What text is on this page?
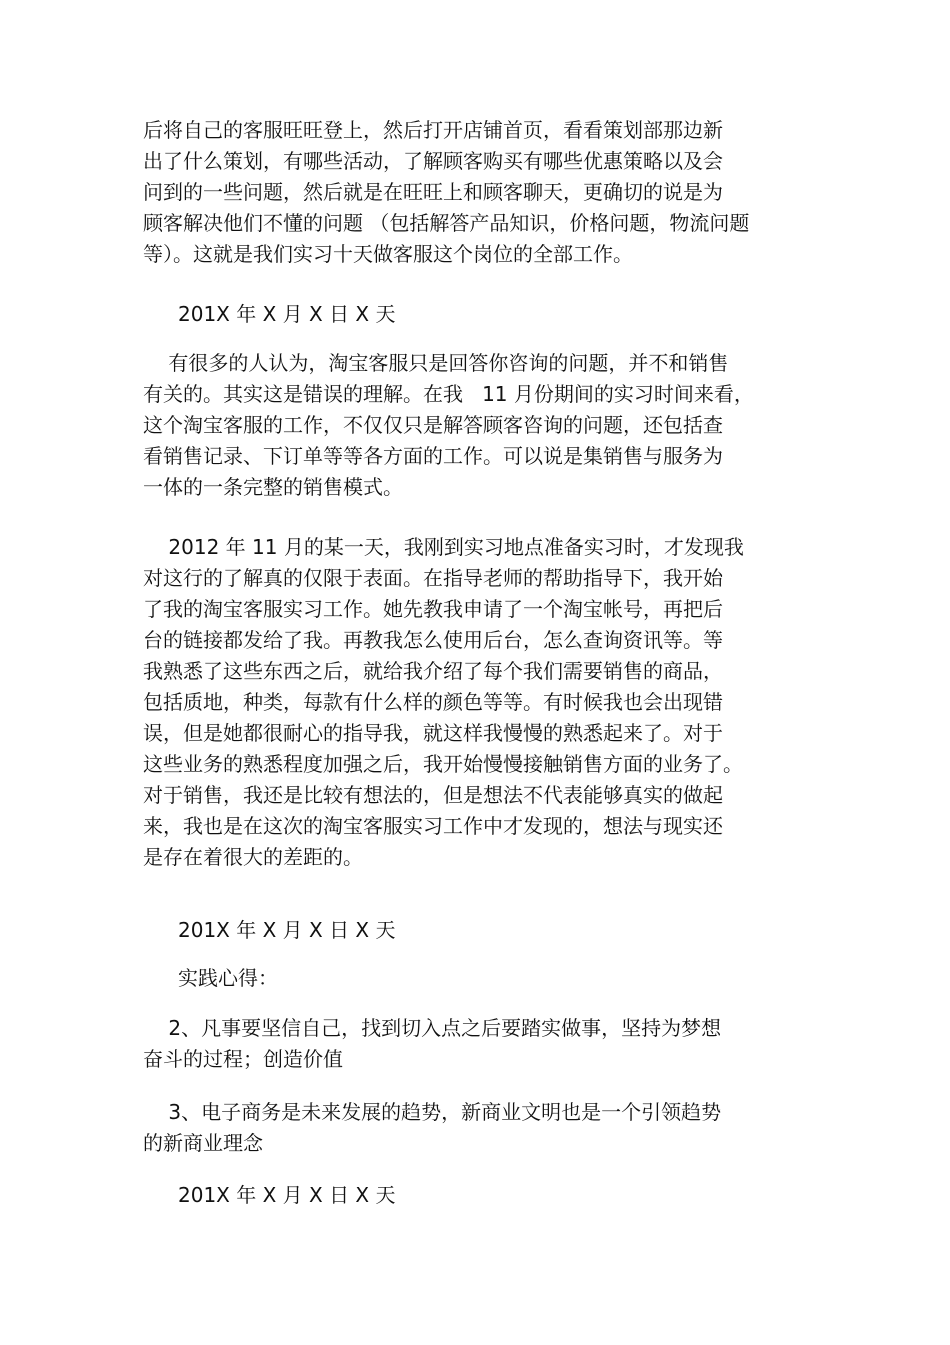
后将自己的客服旺旺登上，然后打开店铺首页，看看策划部那边新
出了什么策划，有哪些活动，了解顾客购买有哪些优惠策略以及会
问到的一些问题，然后就是在旺旺上和顾客聊天，更确切的说是为
顾客解决他们不懂的问题 （包括解答产品知识，价格问题，物流问题
等）。这就是我们实习十天做客服这个岗位的全部工作。
201X 年 X 月 X 日 X 天
有很多的人认为，淘宝客服只是回答你咨询的问题，并不和销售
有关的。其实这是错误的理解。在我   11 月份期间的实习时间来看，
这个淘宝客服的工作，不仅仅只是解答顾客咨询的问题，还包括查
看销售记录、下订单等等各方面的工作。可以说是集销售与服务为
一体的一条完整的销售模式。
2012 年 11 月的某一天，我刚到实习地点准备实习时，才发现我
对这行的了解真的仅限于表面。在指导老师的帮助指导下，我开始
了我的淘宝客服实习工作。她先教我申请了一个淘宝帐号，再把后
台的链接都发给了我。再教我怎么使用后台，怎么查询资讯等。等
我熟悉了这些东西之后，就给我介绍了每个我们需要销售的商品，
包括质地，种类，每款有什么样的颜色等等。有时候我也会出现错
误，但是她都很耐心的指导我，就这样我慢慢的熟悉起来了。对于
这些业务的熟悉程度加强之后，我开始慢慢接触销售方面的业务了。
对于销售，我还是比较有想法的，但是想法不代表能够真实的做起
来，我也是在这次的淘宝客服实习工作中才发现的，想法与现实还
是存在着很大的差距的。
201X 年 X 月 X 日 X 天
实践心得：
2、凡事要坚信自己，找到切入点之后要踏实做事，坚持为梦想
奋斗的过程；创造价值
3、电子商务是未来发展的趋势，新商业文明也是一个引领趋势
的新商业理念
201X 年 X 月 X 日 X 天
